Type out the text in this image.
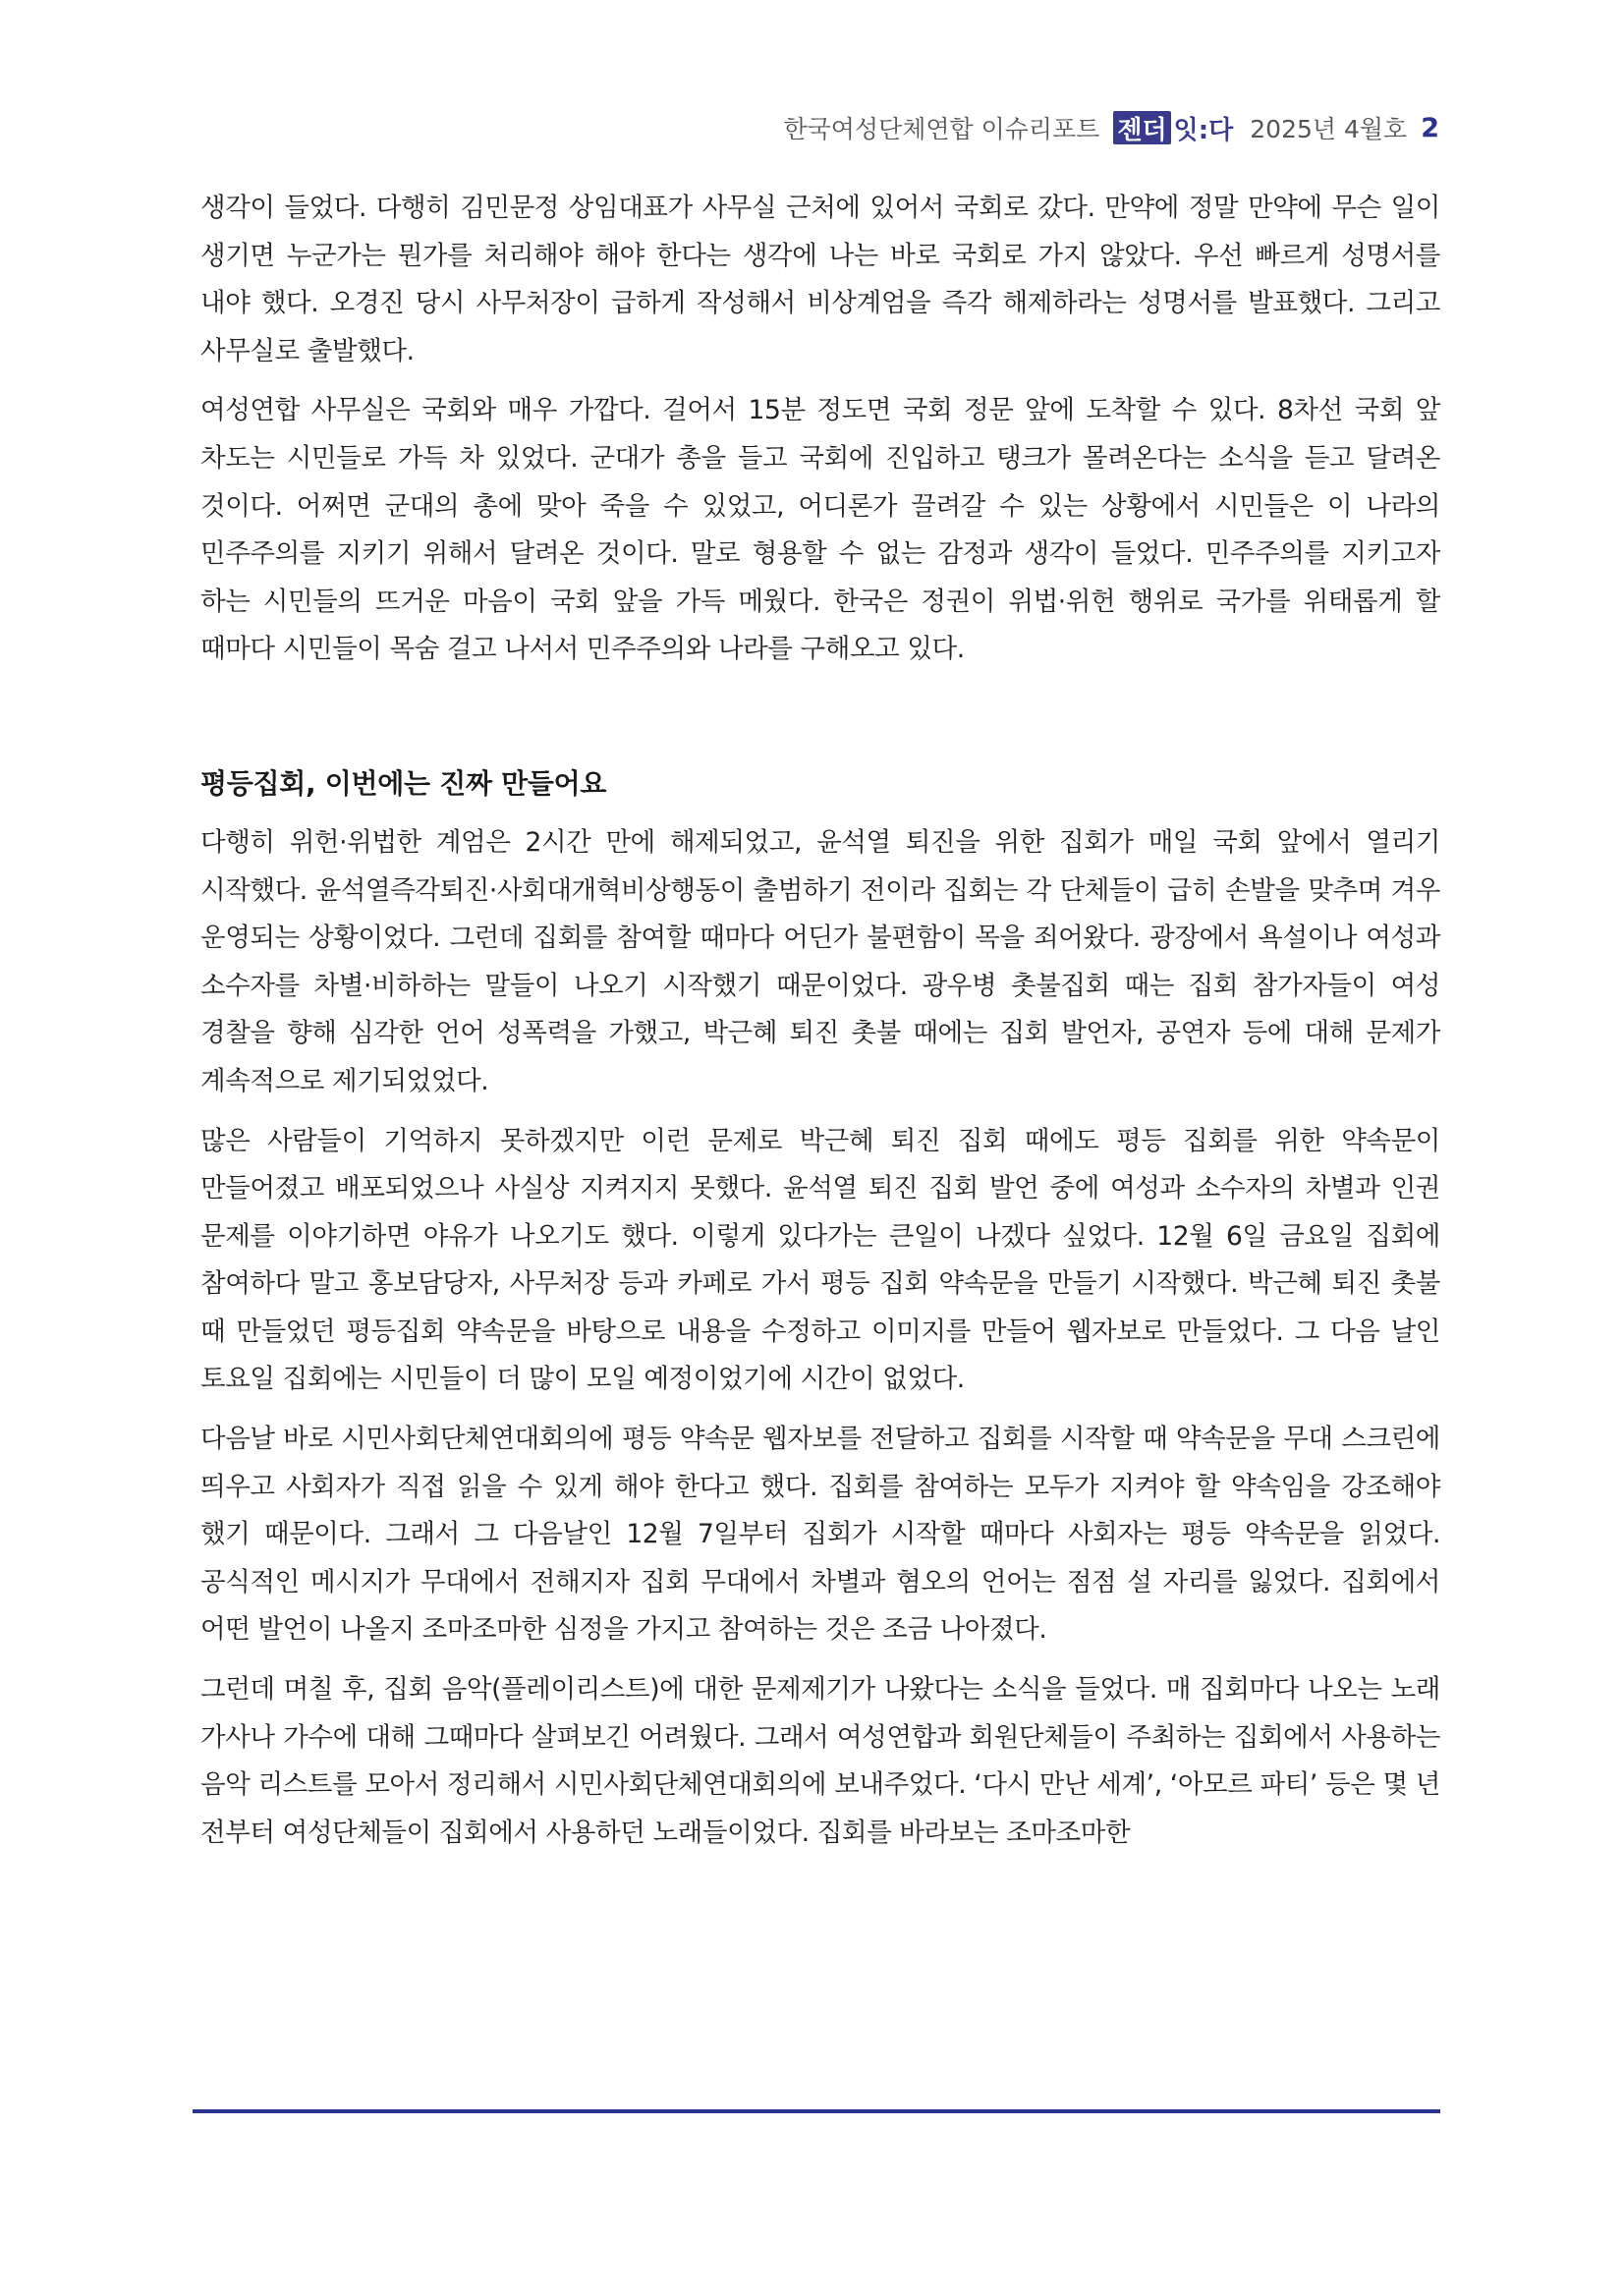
한국여성단체연합 이슈리포트 젠더 잇:다 2025년 4월호 2

생각이 들었다. 다행히 김민문정 상임대표가 사무실 근처에 있어서 국회로 갔다. 만약에 정말 만약에 무슨 일이 생기면 누군가는 뭔가를 처리해야 해야 한다는 생각에 나는 바로 국회로 가지 않았다. 우선 빠르게 성명서를 내야 했다. 오경진 당시 사무처장이 급하게 작성해서 비상계엄을 즉각 해제하라는 성명서를 발표했다. 그리고 사무실로 출발했다.

여성연합 사무실은 국회와 매우 가깝다. 걸어서 15분 정도면 국회 정문 앞에 도착할 수 있다. 8차선 국회 앞 차도는 시민들로 가득 차 있었다. 군대가 총을 들고 국회에 진입하고 탱크가 몰려온다는 소식을 듣고 달려온 것이다. 어쩌면 군대의 총에 맞아 죽을 수 있었고, 어디론가 끌려갈 수 있는 상황에서 시민들은 이 나라의 민주주의를 지키기 위해서 달려온 것이다. 말로 형용할 수 없는 감정과 생각이 들었다. 민주주의를 지키고자 하는 시민들의 뜨거운 마음이 국회 앞을 가득 메웠다. 한국은 정권이 위법·위헌 행위로 국가를 위태롭게 할 때마다 시민들이 목숨 걸고 나서서 민주주의와 나라를 구해오고 있다.

평등집회, 이번에는 진짜 만들어요

다행히 위헌·위법한 계엄은 2시간 만에 해제되었고, 윤석열 퇴진을 위한 집회가 매일 국회 앞에서 열리기 시작했다. 윤석열즉각퇴진·사회대개혁비상행동이 출범하기 전이라 집회는 각 단체들이 급히 손발을 맞추며 겨우 운영되는 상황이었다. 그런데 집회를 참여할 때마다 어딘가 불편함이 목을 죄어왔다. 광장에서 욕설이나 여성과 소수자를 차별·비하하는 말들이 나오기 시작했기 때문이었다. 광우병 촛불집회 때는 집회 참가자들이 여성 경찰을 향해 심각한 언어 성폭력을 가했고, 박근혜 퇴진 촛불 때에는 집회 발언자, 공연자 등에 대해 문제가 계속적으로 제기되었었다.

많은 사람들이 기억하지 못하겠지만 이런 문제로 박근혜 퇴진 집회 때에도 평등 집회를 위한 약속문이 만들어졌고 배포되었으나 사실상 지켜지지 못했다. 윤석열 퇴진 집회 발언 중에 여성과 소수자의 차별과 인권 문제를 이야기하면 야유가 나오기도 했다. 이렇게 있다가는 큰일이 나겠다 싶었다. 12월 6일 금요일 집회에 참여하다 말고 홍보담당자, 사무처장 등과 카페로 가서 평등 집회 약속문을 만들기 시작했다. 박근혜 퇴진 촛불 때 만들었던 평등집회 약속문을 바탕으로 내용을 수정하고 이미지를 만들어 웹자보로 만들었다. 그 다음 날인 토요일 집회에는 시민들이 더 많이 모일 예정이었기에 시간이 없었다.

다음날 바로 시민사회단체연대회의에 평등 약속문 웹자보를 전달하고 집회를 시작할 때 약속문을 무대 스크린에 띄우고 사회자가 직접 읽을 수 있게 해야 한다고 했다. 집회를 참여하는 모두가 지켜야 할 약속임을 강조해야 했기 때문이다. 그래서 그 다음날인 12월 7일부터 집회가 시작할 때마다 사회자는 평등 약속문을 읽었다. 공식적인 메시지가 무대에서 전해지자 집회 무대에서 차별과 혐오의 언어는 점점 설 자리를 잃었다. 집회에서 어떤 발언이 나올지 조마조마한 심정을 가지고 참여하는 것은 조금 나아졌다.

그런데 며칠 후, 집회 음악(플레이리스트)에 대한 문제제기가 나왔다는 소식을 들었다. 매 집회마다 나오는 노래 가사나 가수에 대해 그때마다 살펴보긴 어려웠다. 그래서 여성연합과 회원단체들이 주최하는 집회에서 사용하는 음악 리스트를 모아서 정리해서 시민사회단체연대회의에 보내주었다. ‘다시 만난 세계’, ‘아모르 파티’ 등은 몇 년 전부터 여성단체들이 집회에서 사용하던 노래들이었다. 집회를 바라보는 조마조마한
